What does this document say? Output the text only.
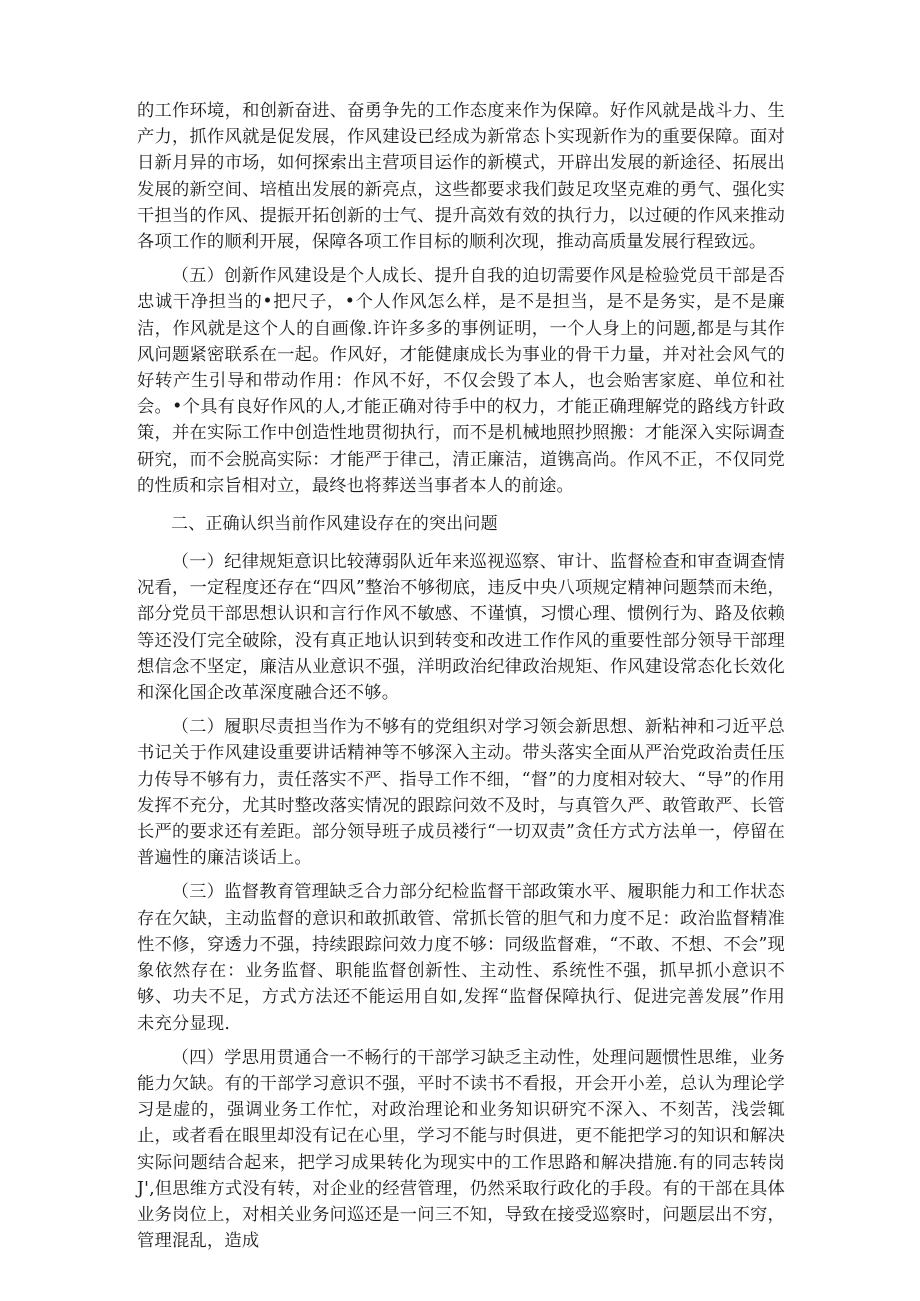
的工作环境，和创新奋进、奋勇争先的工作态度来作为保障。好作风就是战斗力、生产力，抓作风就是促发展，作风建设已经成为新常态卜实现新作为的重要保障。面对日新月异的市场，如何探索出主营项目运作的新模式，开辟出发展的新途径、拓展出发展的新空间、培植出发展的新亮点，这些都要求我们鼓足攻坚克难的勇气、强化实干担当的作风、提振开拓创新的士气、提升高效有效的执行力，以过硬的作风来推动各项工作的顺利开展，保障各项工作目标的顺利次现，推动高质量发展行程致远。

（五）创新作风建设是个人成长、提升自我的迫切需要作风是检验党员干部是否忠诚干净担当的•把尺子，•个人作风怎么样，是不是担当，是不是务实，是不是廉洁，作风就是这个人的自画像.许许多多的事例证明，一个人身上的问题,都是与其作风问题紧密联系在一起。作风好，才能健康成长为事业的骨干力量，并对社会风气的好转产生引导和带动作用：作风不好，不仅会毁了本人，也会贻害家庭、单位和社会。•个具有良好作风的人,才能正确对待手中的权力，才能正确理解党的路线方针政策，并在实际工作中创造性地贯彻执行，而不是机械地照抄照搬：才能深入实际调查研究，而不会脱高实际：才能严于律己，清正廉洁，道镌高尚。作风不正，不仅同党的性质和宗旨相对立，最终也将葬送当事者本人的前途。

二、正确认织当前作风建设存在的突出问题

（一）纪律规矩意识比较薄弱队近年来巡视巡察、审计、监督检查和审查调查情况看，一定程度还存在“四风”整治不够彻底，违反中央八项规定精神问题禁而未绝，部分党员干部思想认识和言行作风不敏感、不谨慎，习惯心理、惯例行为、路及依赖等还没仃完全破除，没有真正地认识到转变和改进工作作风的重要性部分领导干部理想信念不坚定，廉洁从业意识不强，洋明政治纪律政治规矩、作风建设常态化长效化和深化国企改革深度融合还不够。

（二）履职尽责担当作为不够有的党组织对学习领会新思想、新粘神和刁近平总书记关于作风建设重要讲话精神等不够深入主动。带头落实全面从严治党政治责任压力传导不够有力，责任落实不严、指导工作不细，“督”的力度相对较大、“导”的作用发挥不充分，尤其时整改落实情况的跟踪问效不及时，与真管久严、敢管敢严、长管长严的要求还有差距。部分领导班子成员褛行“一切双责”贪任方式方法单一，停留在普遍性的廉洁谈话上。

（三）监督教育管理缺乏合力部分纪检监督干部政策水平、履职能力和工作状态存在欠缺，主动监督的意识和敢抓敢管、常抓长管的胆气和力度不足：政治监督精准性不修，穿透力不强，持续跟踪问效力度不够：同级监督难，“不敢、不想、不会”现象依然存在：业务监督、职能监督创新性、主动性、系统性不强，抓早抓小意识不够、功夫不足，方式方法还不能运用自如,发挥“监督保障执行、促进完善发展”作用未充分显现.

（四）学思用贯通合一不畅行的干部学习缺乏主动性，处理问题惯性思维，业务能力欠缺。有的干部学习意识不强，平时不读书不看报，开会开小差，总认为理论学习是虚的，强调业务工作忙，对政治理论和业务知识研究不深入、不刻苦，浅尝辄止，或者看在眼里却没有记在心里，学习不能与时俱进，更不能把学习的知识和解决实际问题结合起来，把学习成果转化为现实中的工作思路和解决措施.有的同志转岗J',但思维方式没有转，对企业的经营管理，仍然采取行政化的手段。有的干部在具体业务岗位上，对相关业务问巡还是一问三不知，导致在接受巡察时，问题层出不穷，管理混乱，造成
